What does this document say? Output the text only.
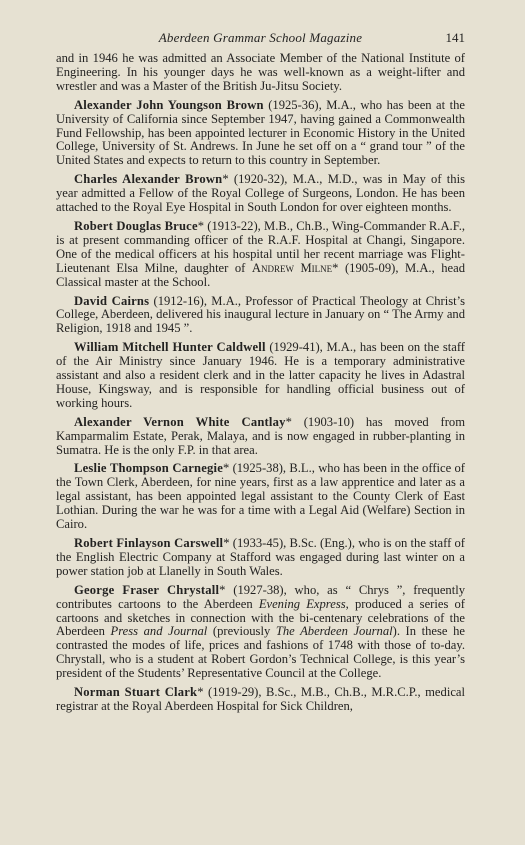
Aberdeen Grammar School Magazine	141

and in 1946 he was admitted an Associate Member of the National Institute of Engineering. In his younger days he was well-known as a weight-lifter and wrestler and was a Master of the British Ju-Jitsu Society.

Alexander John Youngson Brown (1925-36), M.A., who has been at the University of California since September 1947, having gained a Commonwealth Fund Fellowship, has been appointed lecturer in Economic History in the United College, University of St. Andrews. In June he set off on a “ grand tour ” of the United States and expects to return to this country in September.

Charles Alexander Brown* (1920-32), M.A., M.D., was in May of this year admitted a Fellow of the Royal College of Surgeons, London. He has been attached to the Royal Eye Hospital in South London for over eighteen months.

Robert Douglas Bruce* (1913-22), M.B., Ch.B., Wing-Commander R.A.F., is at present commanding officer of the R.A.F. Hospital at Changi, Singapore. One of the medical officers at his hospital until her recent marriage was Flight-Lieutenant Elsa Milne, daughter of Andrew Milne* (1905-09), M.A., head Classical master at the School.

David Cairns (1912-16), M.A., Professor of Practical Theology at Christ’s College, Aberdeen, delivered his inaugural lecture in January on “ The Army and Religion, 1918 and 1945 ”.

William Mitchell Hunter Caldwell (1929-41), M.A., has been on the staff of the Air Ministry since January 1946. He is a temporary administrative assistant and also a resident clerk and in the latter capacity he lives in Adastral House, Kingsway, and is responsible for handling official business out of working hours.

Alexander Vernon White Cantlay* (1903-10) has moved from Kamparmalim Estate, Perak, Malaya, and is now engaged in rubber-planting in Sumatra. He is the only F.P. in that area.

Leslie Thompson Carnegie* (1925-38), B.L., who has been in the office of the Town Clerk, Aberdeen, for nine years, first as a law apprentice and later as a legal assistant, has been appointed legal assistant to the County Clerk of East Lothian. During the war he was for a time with a Legal Aid (Welfare) Section in Cairo.

Robert Finlayson Carswell* (1933-45), B.Sc. (Eng.), who is on the staff of the English Electric Company at Stafford was engaged during last winter on a power station job at Llanelly in South Wales.

George Fraser Chrystall* (1927-38), who, as “ Chrys ”, frequently contributes cartoons to the Aberdeen Evening Express, produced a series of cartoons and sketches in connection with the bi-centenary celebrations of the Aberdeen Press and Journal (previously The Aberdeen Journal). In these he contrasted the modes of life, prices and fashions of 1748 with those of to-day. Chrystall, who is a student at Robert Gordon’s Technical College, is this year’s president of the Students’ Representative Council at the College.

Norman Stuart Clark* (1919-29), B.Sc., M.B., Ch.B., M.R.C.P., medical registrar at the Royal Aberdeen Hospital for Sick Children,
